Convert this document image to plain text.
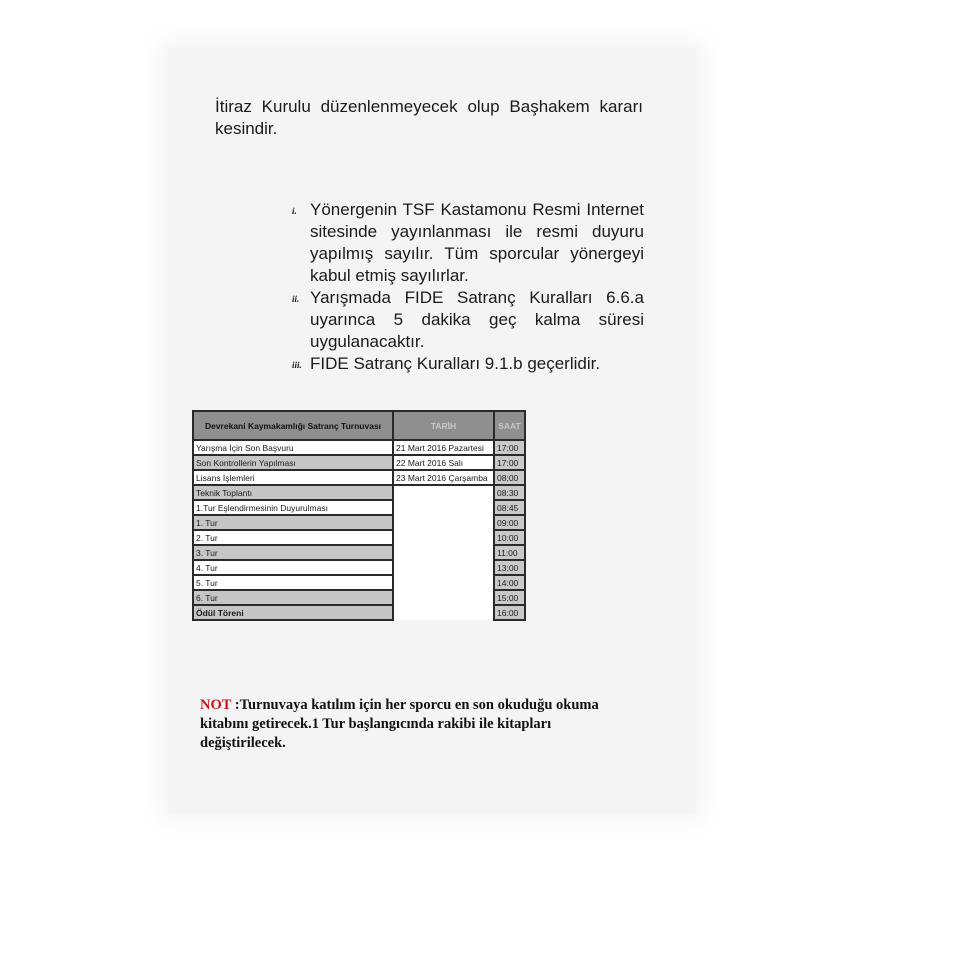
İtiraz Kurulu düzenlenmeyecek olup Başhakem kararı kesindir.

i. Yönergenin TSF Kastamonu Resmi Internet sitesinde yayınlanması ile resmi duyuru yapılmış sayılır. Tüm sporcular yönergeyi kabul etmiş sayılırlar.
ii. Yarışmada FIDE Satranç Kuralları 6.6.a uyarınca 5 dakika geç kalma süresi uygulanacaktır.
iii. FIDE Satranç Kuralları 9.1.b geçerlidir.
Devrekani Kaymakamlığı Satranç Turnuvası	TARİH	SAAT
Yarışma İçin Son Başvuru	21 Mart 2016 Pazartesi	17:00
Son Kontrollerin Yapılması	22 Mart 2016 Salı	17:00
Lisans İşlemleri	23 Mart 2016 Çarşamba	08:00
Teknik Toplantı		08:30
1.Tur Eşlendirmesinin Duyurulması		08:45
1. Tur		09:00
2. Tur		10:00
3. Tur		11:00
4. Tur		13:00
5. Tur		14:00
6. Tur		15:00
Ödül Töreni		16:00

NOT :Turnuvaya katılım için her sporcu en son okuduğu okuma kitabını getirecek.1 Tur başlangıcında rakibi ile kitapları değiştirilecek.
